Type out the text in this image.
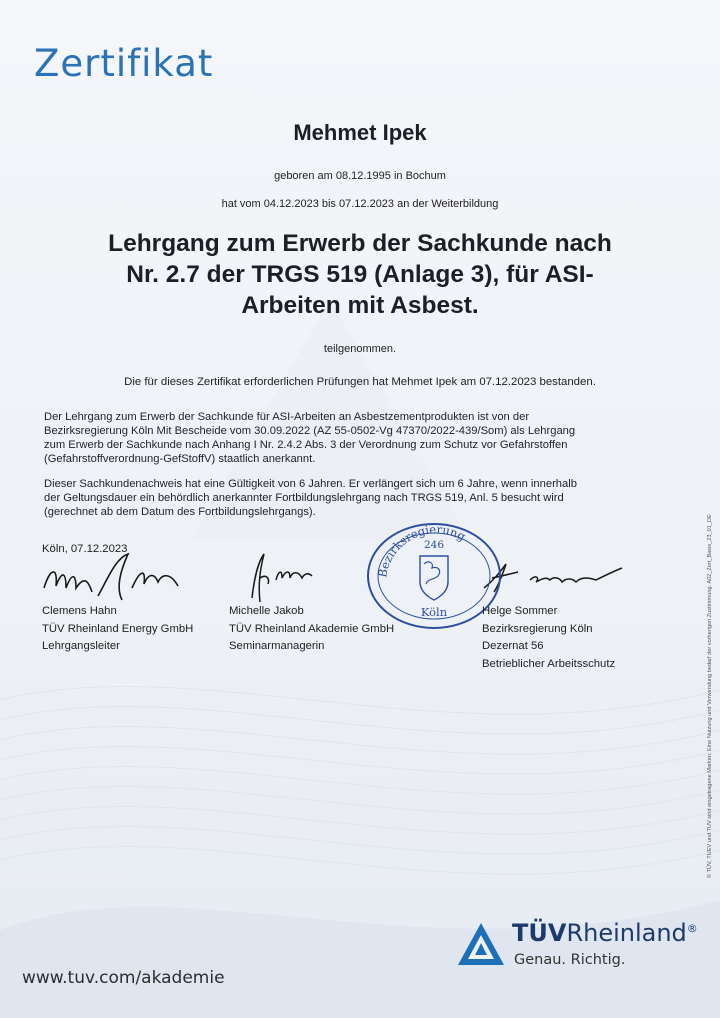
Zertifikat
Mehmet Ipek
geboren am 08.12.1995 in Bochum
hat vom 04.12.2023 bis 07.12.2023 an der Weiterbildung
Lehrgang zum Erwerb der Sachkunde nach
Nr. 2.7 der TRGS 519 (Anlage 3), für ASI-
Arbeiten mit Asbest.
teilgenommen.
Die für dieses Zertifikat erforderlichen Prüfungen hat Mehmet Ipek am 07.12.2023 bestanden.
Der Lehrgang zum Erwerb der Sachkunde für ASI-Arbeiten an Asbestzementprodukten ist von der
Bezirksregierung Köln Mit Bescheide vom 30.09.2022 (AZ 55-0502-Vg 47370/2022-439/Som) als Lehrgang
zum Erwerb der Sachkunde nach Anhang I Nr. 2.4.2 Abs. 3 der Verordnung zum Schutz vor Gefahrstoffen
(Gefahrstoffverordnung-GefStoffV) staatlich anerkannt.
Dieser Sachkundenachweis hat eine Gültigkeit von 6 Jahren. Er verlängert sich um 6 Jahre, wenn innerhalb
der Geltungsdauer ein behördlich anerkannter Fortbildungslehrgang nach TRGS 519, Anl. 5 besucht wird
(gerechnet ab dem Datum des Fortbildungslehrgangs).
Köln, 07.12.2023
Bezirksregierung
246
Köln
Clemens Hahn
TÜV Rheinland Energy GmbH
Lehrgangsleiter
Michelle Jakob
TÜV Rheinland Akademie GmbH
Seminarmanagerin
Helge Sommer
Bezirksregierung Köln
Dezernat 56
Betrieblicher Arbeitsschutz	© TÜV, TUEV und TUV sind eingetragene Marken. Eine Nutzung und Verwendung bedarf der vorherigen Zustimmung. A02_Zert_Basis_23_01_DE
www.tuv.com/akademie
TÜVRheinland®
Genau. Richtig.
